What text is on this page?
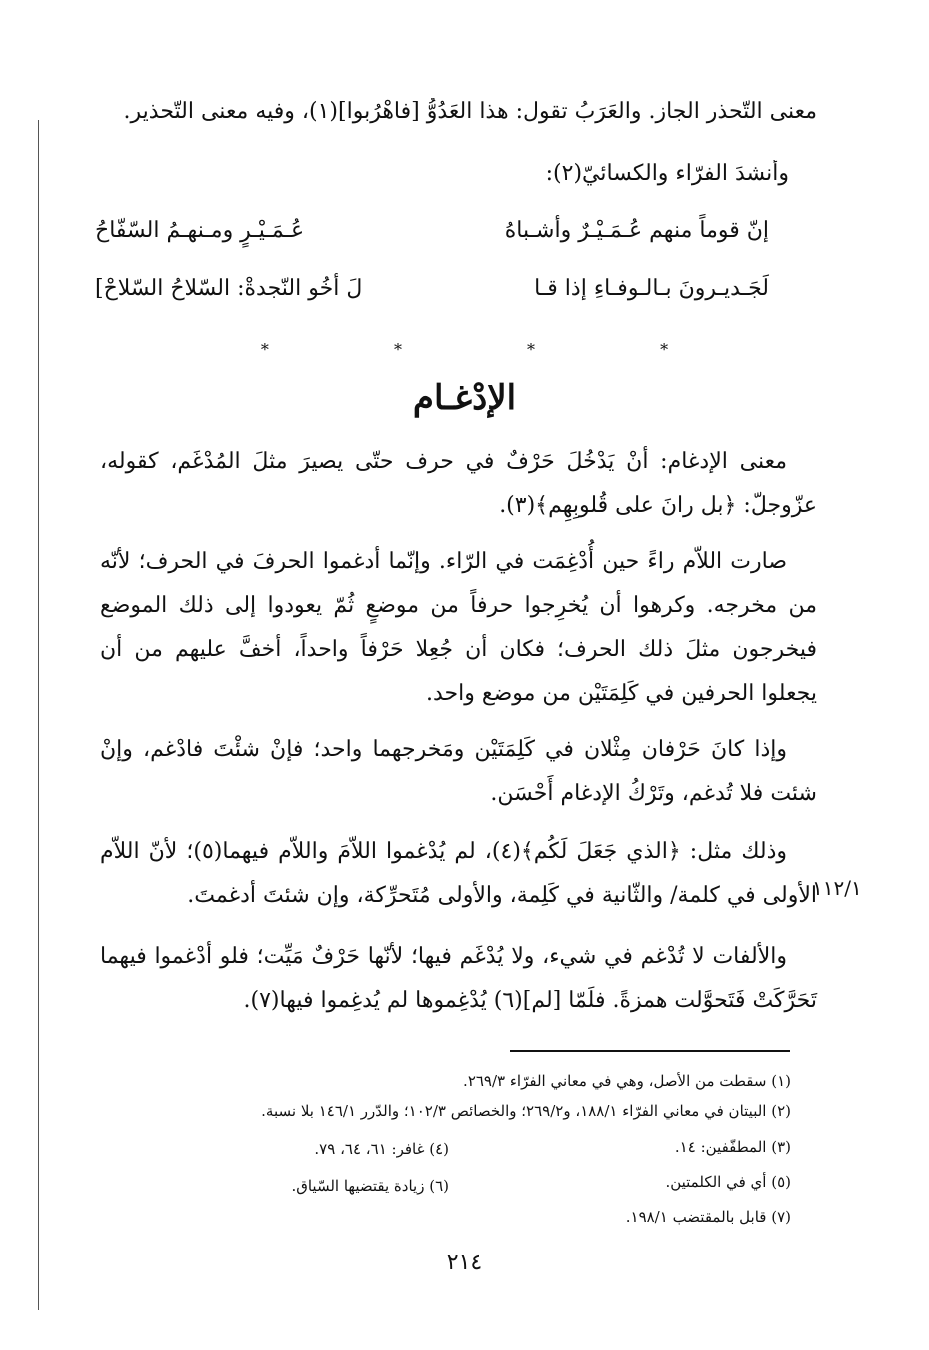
معنى التّحذر الجاز. والعَرَبُ تقول: هذا العَدُوُّ [فاهْرُبوا](١)، وفيه معنى التّحذير.
وأنشدَ الفرّاء والكسائيّ(٢):
إنّ قوماً منهم عُـمَـيْـرٌ وأشـباهُ
عُـمَـيْـرٍ ومـنهـمُ السّفّاحُ
لَجَـديـرونَ بـالـوفـاءِ إذا قـا
لَ أخُو النّجدةْ: السّلاحُ السّلاحْ]
* * * *
الإدْغـام
معنى الإدغام: أنْ يَدْخُلَ حَرْفٌ في حرف حتّى يصيرَ مثلَ المُدْغَم، كقوله، عزّوجلّ: ﴿بل رانَ على قُلوبِهِم﴾(٣).
صارت اللاّم راءً حين أُدْغِمَت في الرّاء. وإنّما أدغموا الحرفَ في الحرف؛ لأنّه من مخرجه. وكرهوا أن يُخرِجوا حرفاً من موضعٍ ثُمّ يعودوا إلى ذلك الموضع فيخرجون مثلَ ذلك الحرف؛ فكان أن جُعِلا حَرْفاً واحداً، أخفَّ عليهم من أن يجعلوا الحرفين في كَلِمَتَيْن من موضع واحد.
وإذا كانَ حَرْفان مِثْلان في كَلِمَتَيْن ومَخرجهما واحد؛ فإنْ شئْتَ فادْغم، وإنْ شئت فلا تُدغم، وتَرْكُ الإدغام أَحْسَن.
وذلك مثل: ﴿الذي جَعَلَ لَكُم﴾(٤)، لم يُدْغموا اللاّمَ واللاّم فيهما(٥)؛ لأنّ اللاّم الأولى في كلمة/ والثّانية في كَلِمة، والأولى مُتَحرِّكة، وإن شئتَ أدغمتَ.
والألفات لا تُدْغم في شيء، ولا يُدْغَم فيها؛ لأنّها حَرْفٌ مَيِّت؛ فلو أدْغموا فيهما تَحَرَّكَتْ فَتَحوَّلت همزةً. فلَمّا [لم](٦) يُدْغِموها لم يُدغِموا فيها(٧).
١١٢/١
(١) سقطت من الأصل، وهي في معاني الفرّاء ٢٦٩/٣.
(٢) البيتان في معاني الفرّاء ١٨٨/١، و٢٦٩/٢؛ والخصائص ١٠٢/٣؛ والدّرر ١٤٦/١ بلا نسبة.
(٣) المطفّفين: ١٤.
(٤) غافر: ٦١، ٦٤، ٧٩.
(٥) أي في الكلمتين.
(٦) زيادة يقتضيها السّياق.
(٧) قابل بالمقتضب ١٩٨/١.
٢١٤
